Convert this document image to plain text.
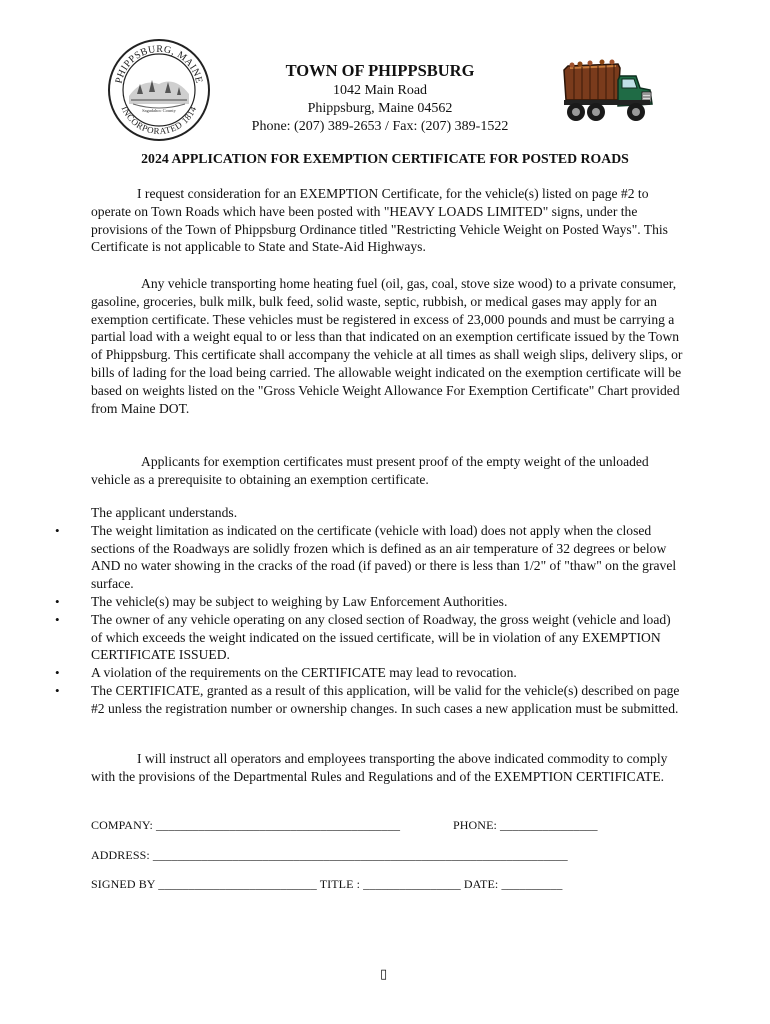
PHIPPSBURG, MAINE
INCORPORATED 1814
Sagadahoc County
TOWN OF PHIPPSBURG
1042 Main Road
Phippsburg, Maine 04562
Phone: (207) 389-2653 / Fax: (207) 389-1522
2024 APPLICATION FOR EXEMPTION CERTIFICATE FOR POSTED ROADS
I request consideration for an EXEMPTION Certificate, for the vehicle(s) listed on page #2 to operate on Town Roads which have been posted with "HEAVY LOADS LIMITED" signs, under the provisions of the Town of Phippsburg Ordinance titled "Restricting Vehicle Weight on Posted Ways". This Certificate is not applicable to State and State-Aid Highways.
Any vehicle transporting home heating fuel (oil, gas, coal, stove size wood) to a private consumer, gasoline, groceries, bulk milk, bulk feed, solid waste, septic, rubbish, or medical gases may apply for an exemption certificate. These vehicles must be registered in excess of 23,000 pounds and must be carrying a partial load with a weight equal to or less than that indicated on an exemption certificate issued by the Town of Phippsburg. This certificate shall accompany the vehicle at all times as shall weigh slips, delivery slips, or bills of lading for the load being carried. The allowable weight indicated on the exemption certificate will be based on weights listed on the "Gross Vehicle Weight Allowance For Exemption Certificate" Chart provided from Maine DOT.
Applicants for exemption certificates must present proof of the empty weight of the unloaded vehicle as a prerequisite to obtaining an exemption certificate.
The applicant understands.
• The weight limitation as indicated on the certificate (vehicle with load) does not apply when the closed sections of the Roadways are solidly frozen which is defined as an air temperature of 32 degrees or below AND no water showing in the cracks of the road (if paved) or there is less than 1/2" of "thaw" on the gravel surface.
• The vehicle(s) may be subject to weighing by Law Enforcement Authorities.
• The owner of any vehicle operating on any closed section of Roadway, the gross weight (vehicle and load) of which exceeds the weight indicated on the issued certificate, will be in violation of any EXEMPTION CERTIFICATE ISSUED.
• A violation of the requirements on the CERTIFICATE may lead to revocation.
• The CERTIFICATE, granted as a result of this application, will be valid for the vehicle(s) described on page #2 unless the registration number or ownership changes. In such cases a new application must be submitted.
I will instruct all operators and employees transporting the above indicated commodity to comply with the provisions of the Departmental Rules and Regulations and of the EXEMPTION CERTIFICATE.
COMPANY: ________________________________________	PHONE: ________________
ADDRESS: ____________________________________________________________________
SIGNED BY __________________________ TITLE : ________________ DATE: __________
▯
